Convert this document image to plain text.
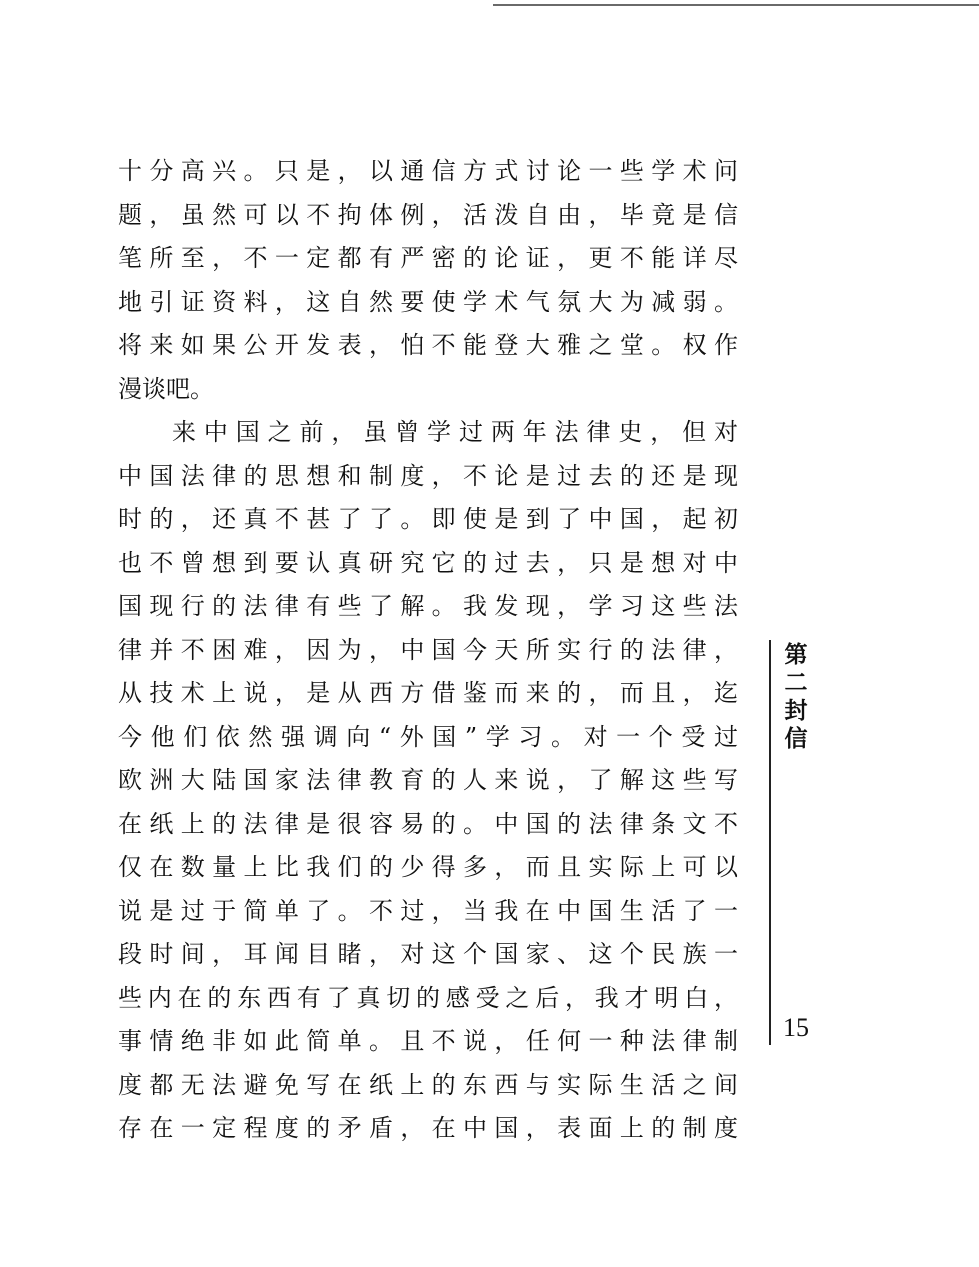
十分高兴。只是，以通信方式讨论一些学术问
题，虽然可以不拘体例，活泼自由，毕竟是信
笔所至，不一定都有严密的论证，更不能详尽
地引证资料，这自然要使学术气氛大为减弱。
将来如果公开发表，怕不能登大雅之堂。权作
漫谈吧。
来中国之前，虽曾学过两年法律史，但对
中国法律的思想和制度，不论是过去的还是现
时的，还真不甚了了。即使是到了中国，起初
也不曾想到要认真研究它的过去，只是想对中
国现行的法律有些了解。我发现，学习这些法
律并不困难，因为，中国今天所实行的法律，
从技术上说，是从西方借鉴而来的，而且，迄
今他们依然强调向“外国”学习。对一个受过
欧洲大陆国家法律教育的人来说，了解这些写
在纸上的法律是很容易的。中国的法律条文不
仅在数量上比我们的少得多，而且实际上可以
说是过于简单了。不过，当我在中国生活了一
段时间，耳闻目睹，对这个国家、这个民族一
些内在的东西有了真切的感受之后，我才明白，
事情绝非如此简单。且不说，任何一种法律制
度都无法避免写在纸上的东西与实际生活之间
存在一定程度的矛盾，在中国，表面上的制度
第二封信
15
